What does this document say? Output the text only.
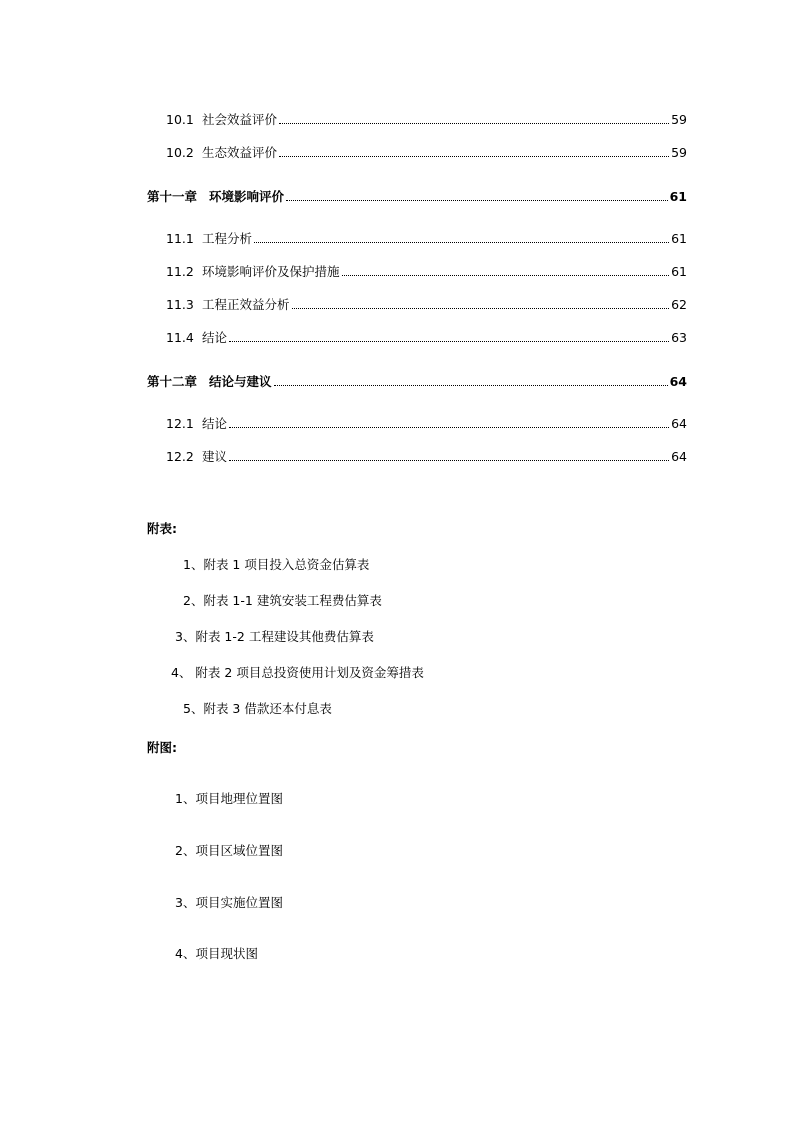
10.1 社会效益评价	59
10.2 生态效益评价	59
第十一章 环境影响评价	61
11.1 工程分析	61
11.2 环境影响评价及保护措施	61
11.3 工程正效益分析	62
11.4 结论	63
第十二章 结论与建议	64
12.1 结论	64
12.2 建议	64
附表:
1、附表 1 项目投入总资金估算表
2、附表 1-1 建筑安装工程费估算表
3、附表 1-2 工程建设其他费估算表
4、 附表 2 项目总投资使用计划及资金筹措表
5、附表 3 借款还本付息表
附图:
1、项目地理位置图
2、项目区域位置图
3、项目实施位置图
4、项目现状图
